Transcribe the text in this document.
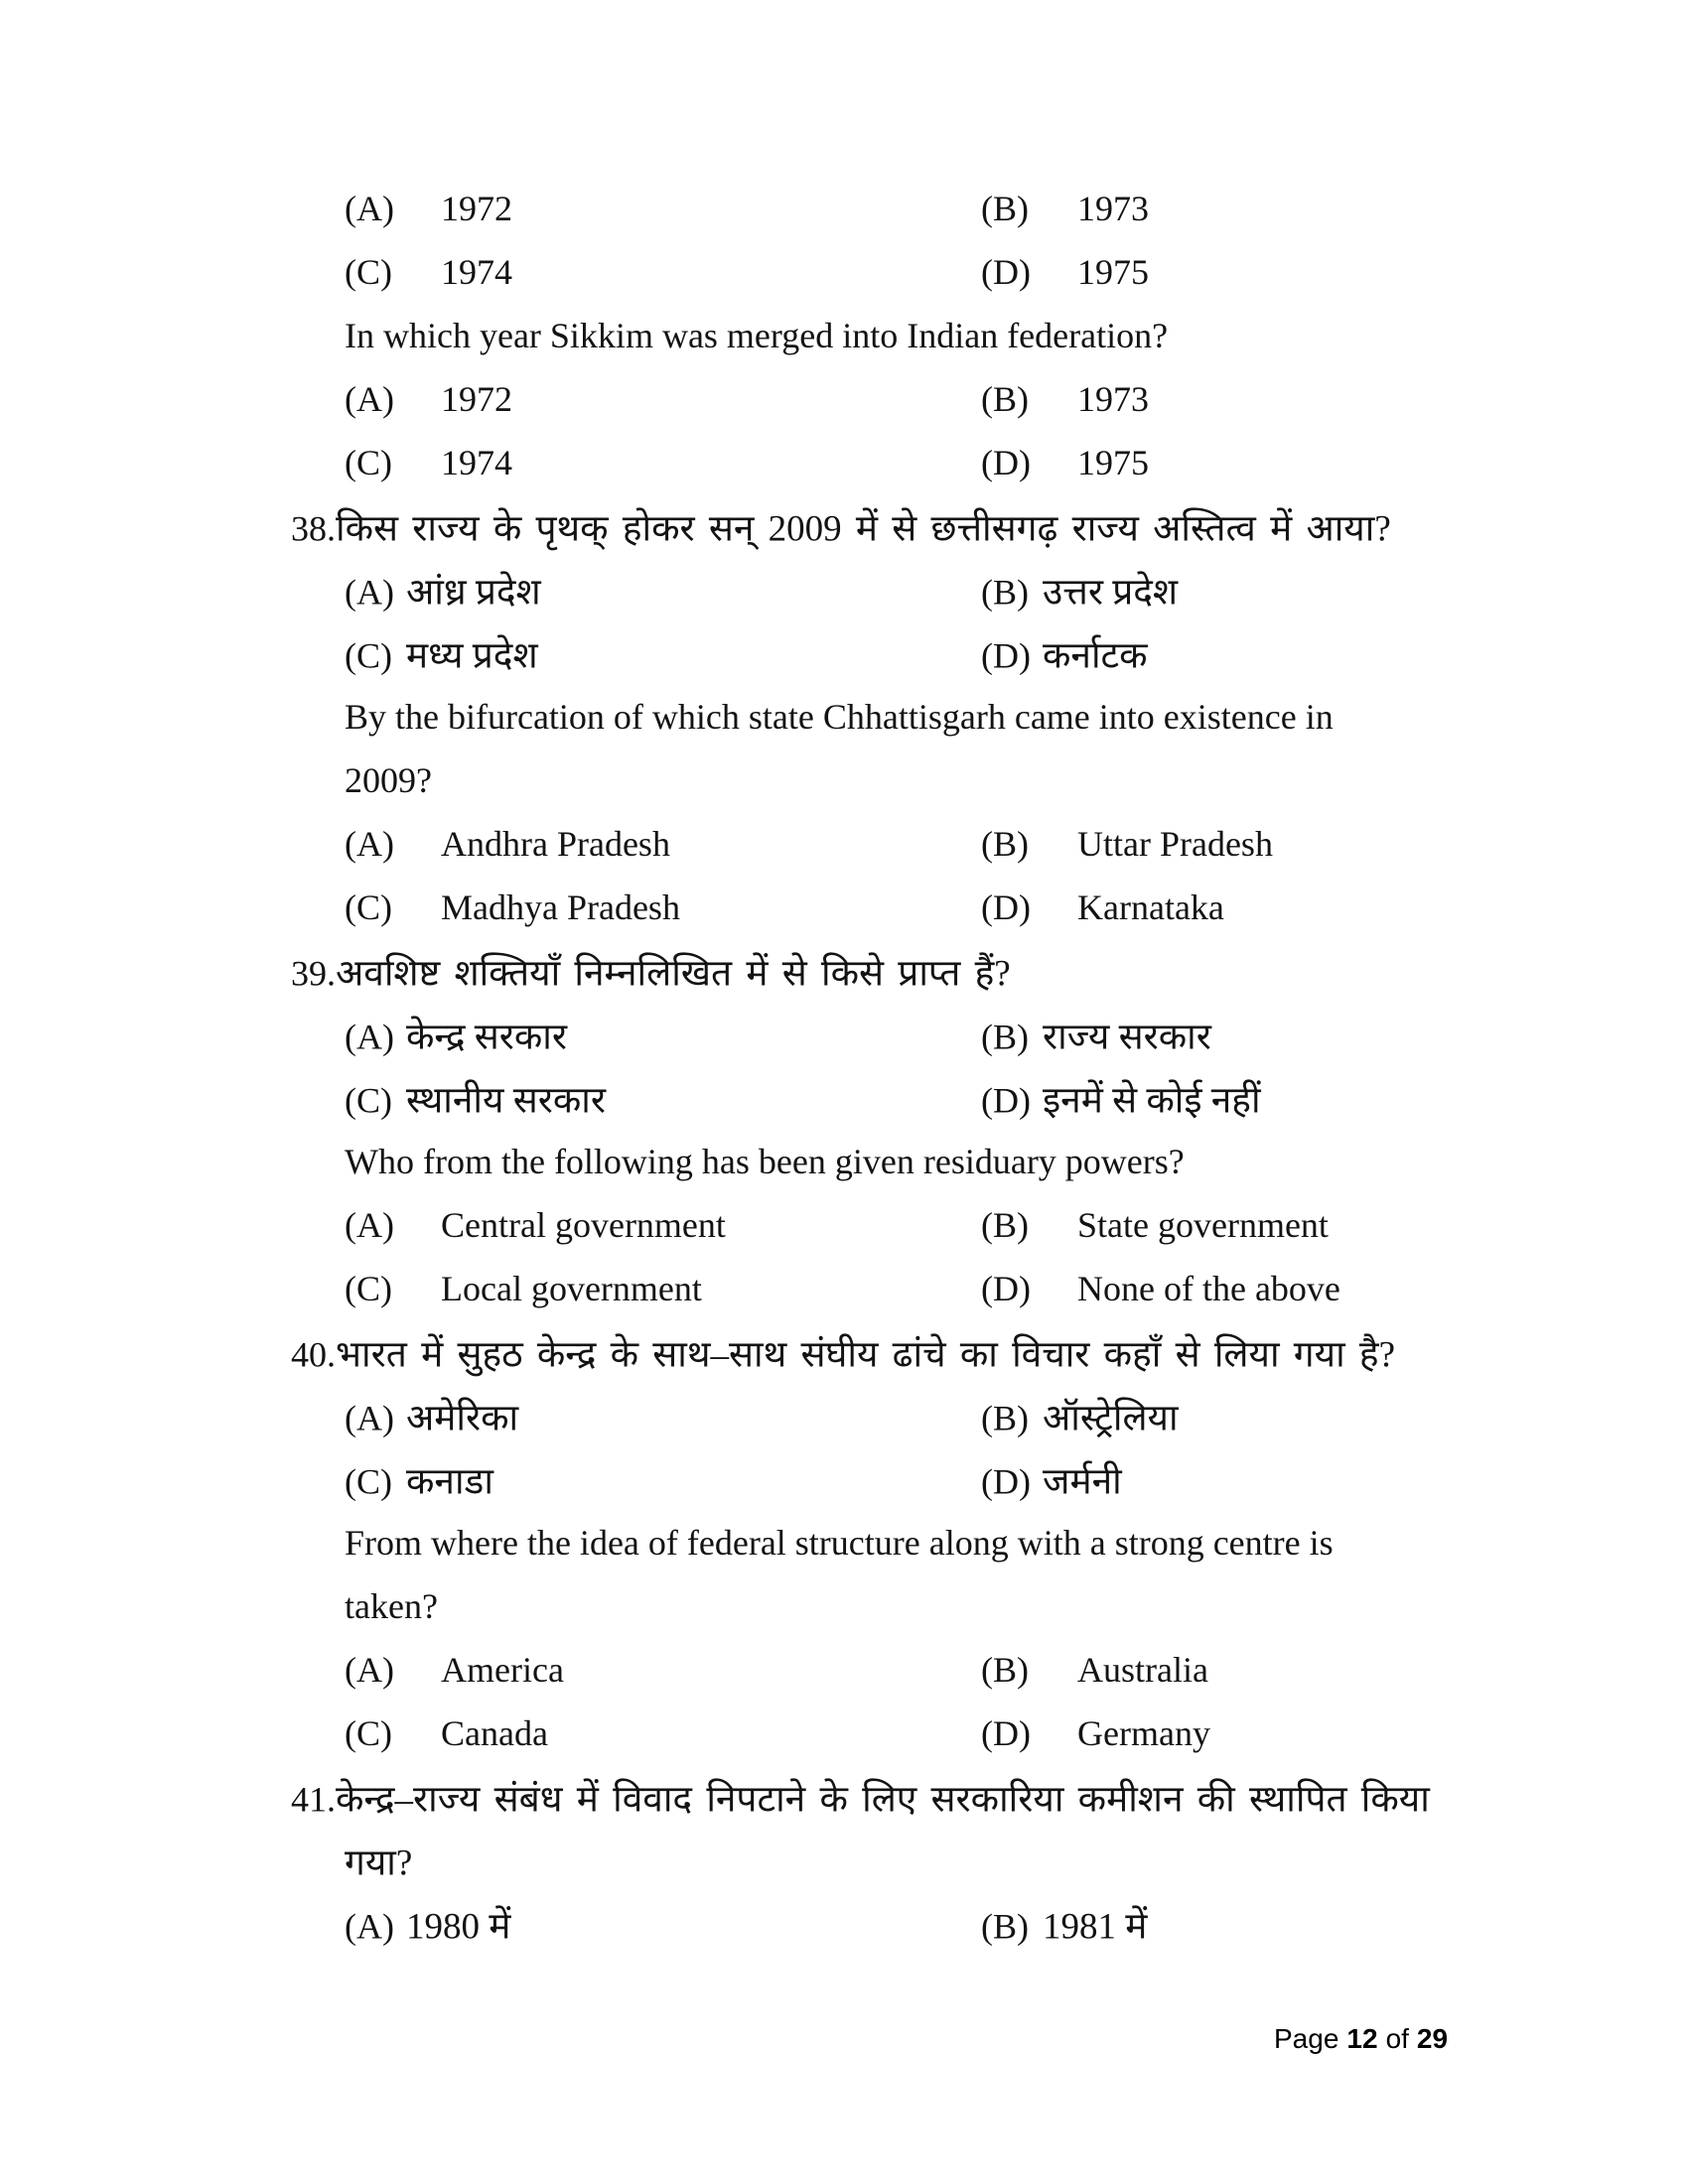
(A) 1972	(B) 1973
(C) 1974	(D) 1975
In which year Sikkim was merged into Indian federation?
(A) 1972	(B) 1973
(C) 1974	(D) 1975
38.किस राज्य के पृथक् होकर सन् 2009 में से छत्तीसगढ़ राज्य अस्तित्व में आया?
(A) आंध्र प्रदेश	(B) उत्तर प्रदेश
(C) मध्य प्रदेश	(D) कर्नाटक
By the bifurcation of which state Chhattisgarh came into existence in
2009?
(A) Andhra Pradesh	(B) Uttar Pradesh
(C) Madhya Pradesh	(D) Karnataka
39.अवशिष्ट शक्तियाँ निम्नलिखित में से किसे प्राप्त हैं?
(A) केन्द्र सरकार	(B) राज्य सरकार
(C) स्थानीय सरकार	(D) इनमें से कोई नहीं
Who from the following has been given residuary powers?
(A) Central government	(B) State government
(C) Local government	(D) None of the above
40.भारत में सुहठ केन्द्र के साथ–साथ संघीय ढांचे का विचार कहाँ से लिया गया है?
(A) अमेरिका	(B) ऑस्ट्रेलिया
(C) कनाडा	(D) जर्मनी
From where the idea of federal structure along with a strong centre is
taken?
(A) America	(B) Australia
(C) Canada	(D) Germany
41.केन्द्र–राज्य संबंध में विवाद निपटाने के लिए सरकारिया कमीशन की स्थापित किया
गया?
(A) 1980 में	(B) 1981 में
Page 12 of 29
